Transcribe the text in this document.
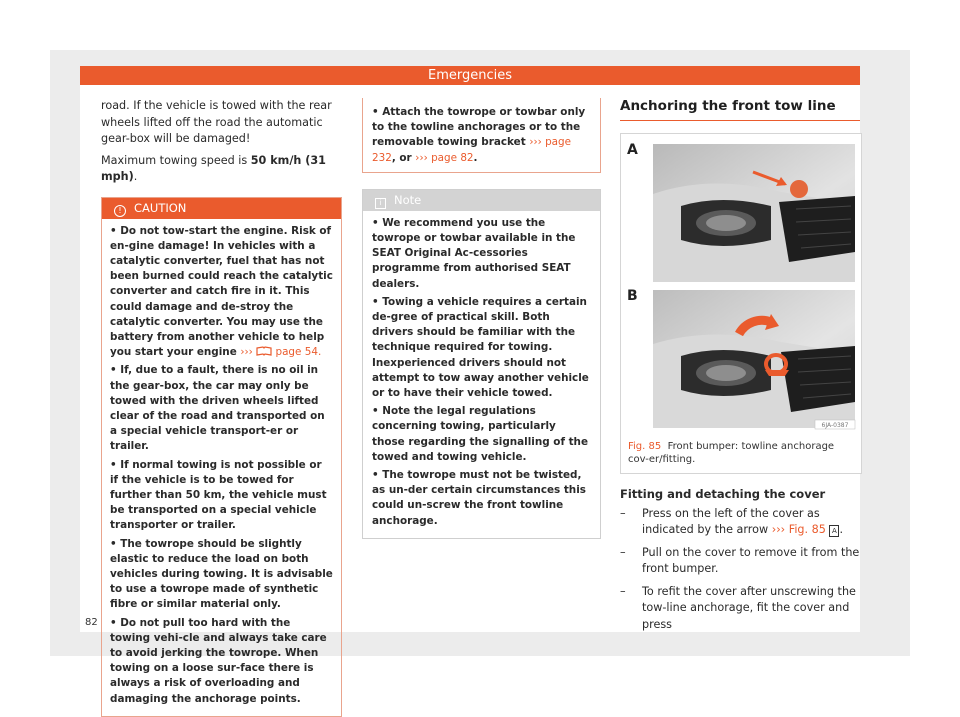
Emergencies

road. If the vehicle is towed with the rear wheels lifted off the road the automatic gear-box will be damaged!

Maximum towing speed is 50 km/h (31 mph).

! CAUTION

• Do not tow-start the engine. Risk of en-gine damage! In vehicles with a catalytic converter, fuel that has not been burned could reach the catalytic converter and catch fire in it. This could damage and de-stroy the catalytic converter. You may use the battery from another vehicle to help you start your engine ››› page 54.

• If, due to a fault, there is no oil in the gear-box, the car may only be towed with the driven wheels lifted clear of the road and transported on a special vehicle transport-er or trailer.

• If normal towing is not possible or if the vehicle is to be towed for further than 50 km, the vehicle must be transported on a special vehicle transporter or trailer.

• The towrope should be slightly elastic to reduce the load on both vehicles during towing. It is advisable to use a towrope made of synthetic fibre or similar material only.

• Do not pull too hard with the towing vehi-cle and always take care to avoid jerking the towrope. When towing on a loose sur-face there is always a risk of overloading and damaging the anchorage points.

• Attach the towrope or towbar only to the towline anchorages or to the removable towing bracket ››› page 232, or ››› page 82.
i Note

• We recommend you use the towrope or towbar available in the SEAT Original Ac-cessories programme from authorised SEAT dealers.

• Towing a vehicle requires a certain de-gree of practical skill. Both drivers should be familiar with the technique required for towing. Inexperienced drivers should not attempt to tow away another vehicle or to have their vehicle towed.

• Note the legal regulations concerning towing, particularly those regarding the signalling of the towed and towing vehicle.

• The towrope must not be twisted, as un-der certain circumstances this could un-screw the front towline anchorage.

Anchoring the front tow line
A
B
6JA-0387
Fig. 85 Front bumper: towline anchorage cov-er/fitting.
Fitting and detaching the cover
– Press on the left of the cover as indicated by the arrow ››› Fig. 85 A .
– Pull on the cover to remove it from the front bumper.
– To refit the cover after unscrewing the tow-line anchorage, fit the cover and press
82
